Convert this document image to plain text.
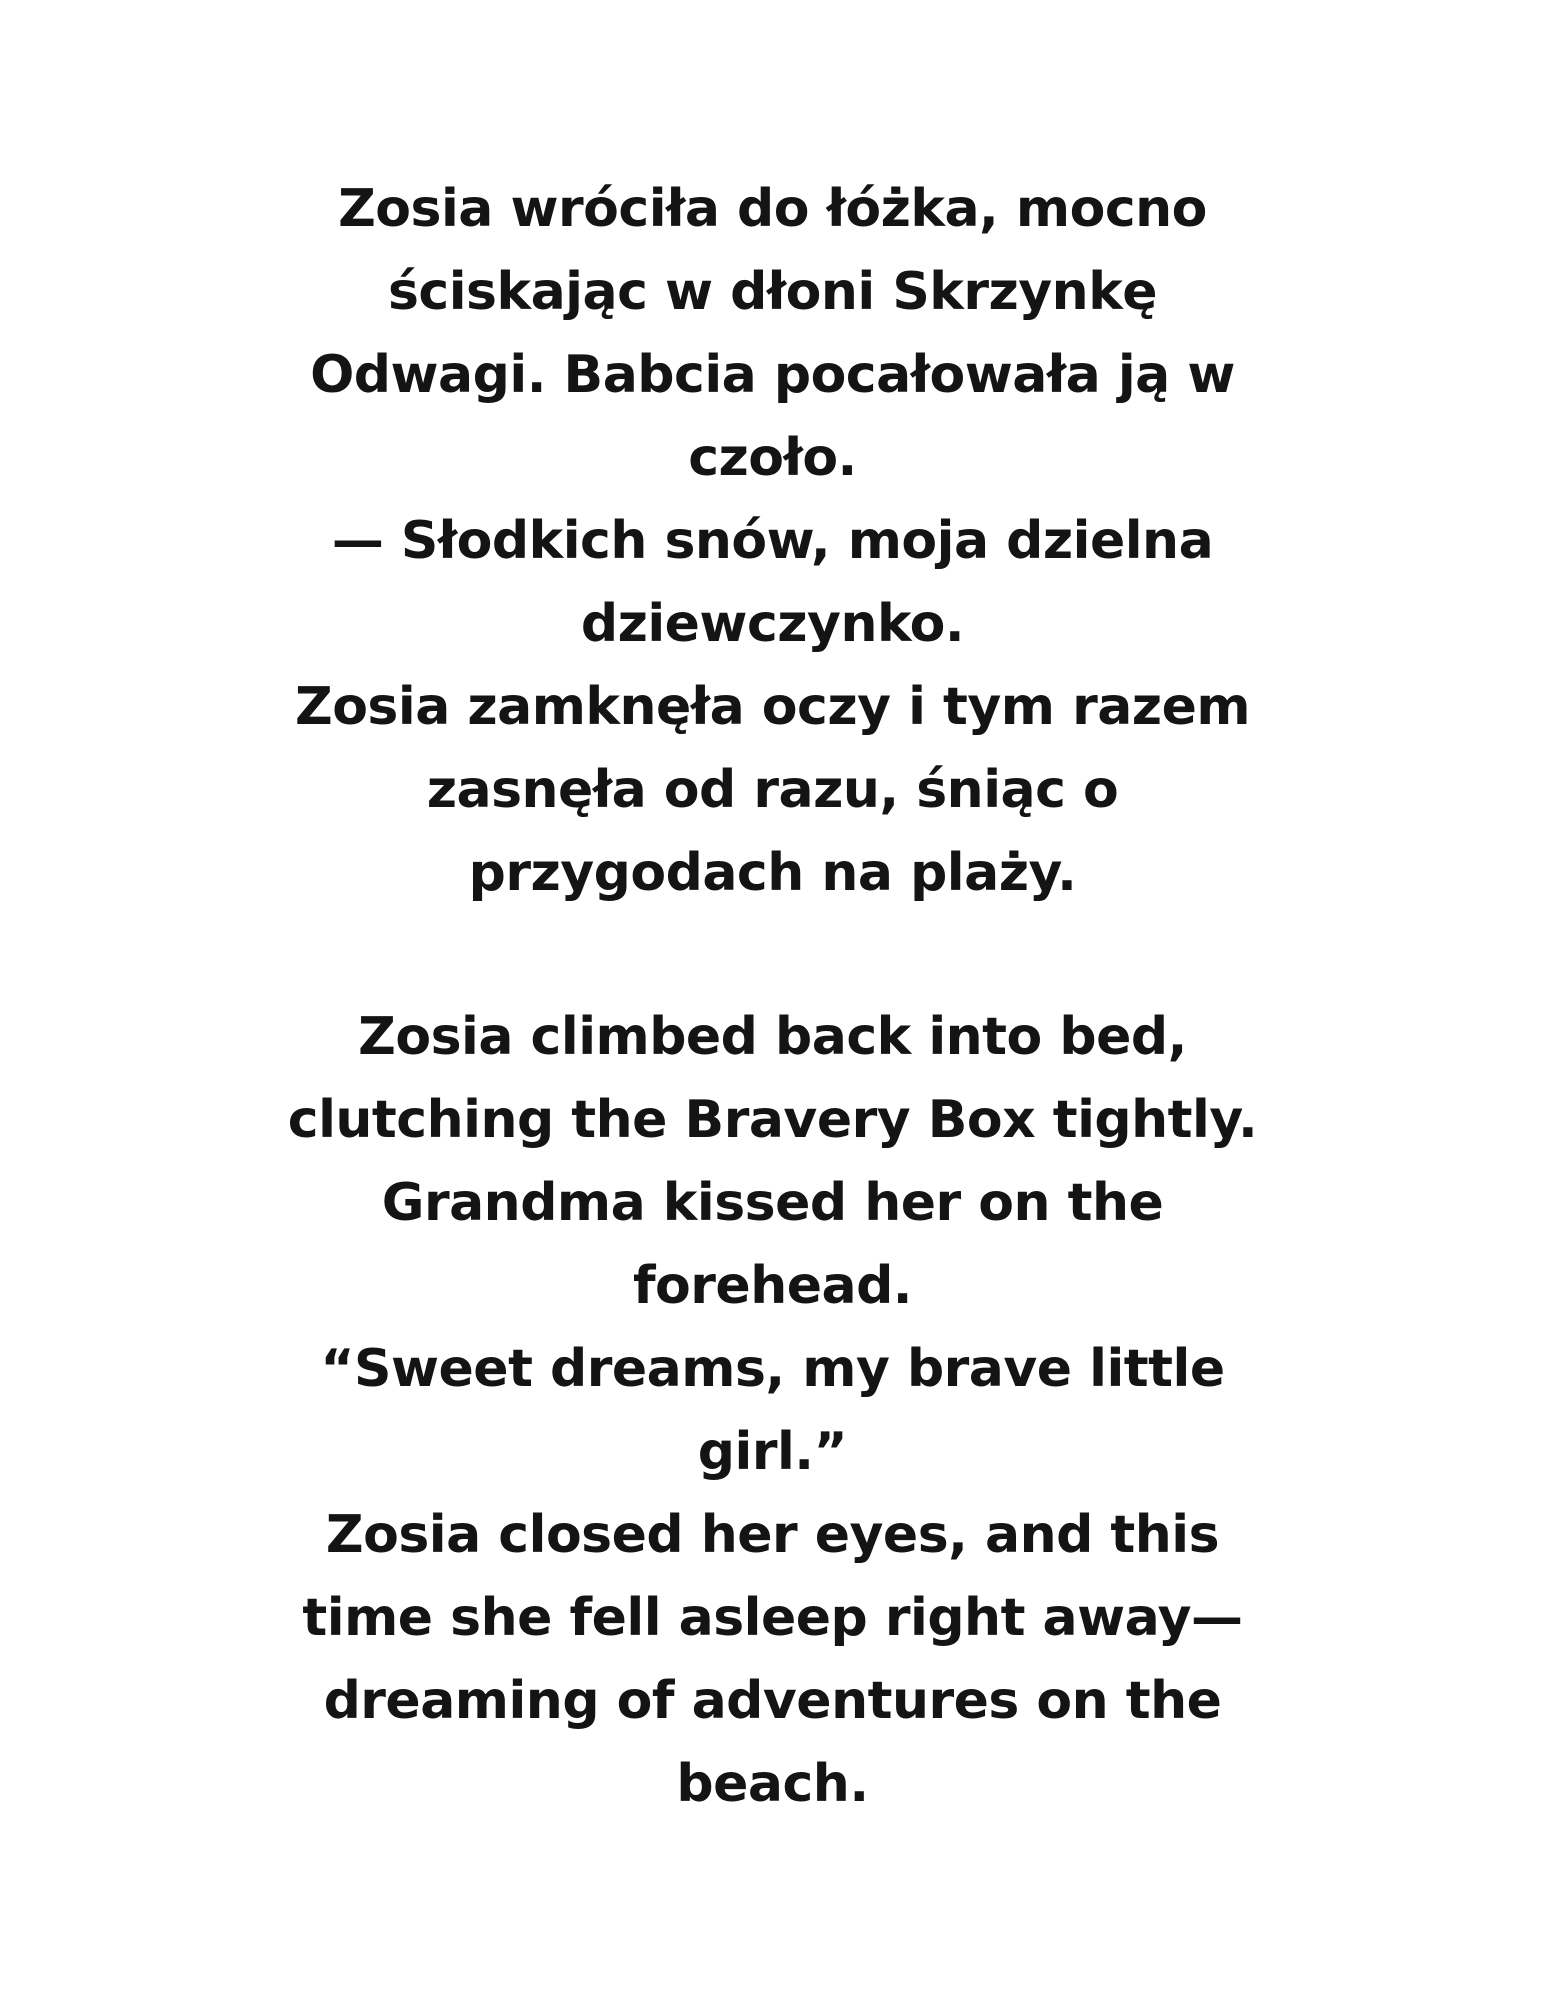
Zosia wróciła do łóżka, mocno
ściskając w dłoni Skrzynkę
Odwagi. Babcia pocałowała ją w
czoło.
— Słodkich snów, moja dzielna
dziewczynko.
Zosia zamknęła oczy i tym razem
zasnęła od razu, śniąc o
przygodach na plaży.
Zosia climbed back into bed,
clutching the Bravery Box tightly.
Grandma kissed her on the
forehead.
“Sweet dreams, my brave little
girl.”
Zosia closed her eyes, and this
time she fell asleep right away—
dreaming of adventures on the
beach.
